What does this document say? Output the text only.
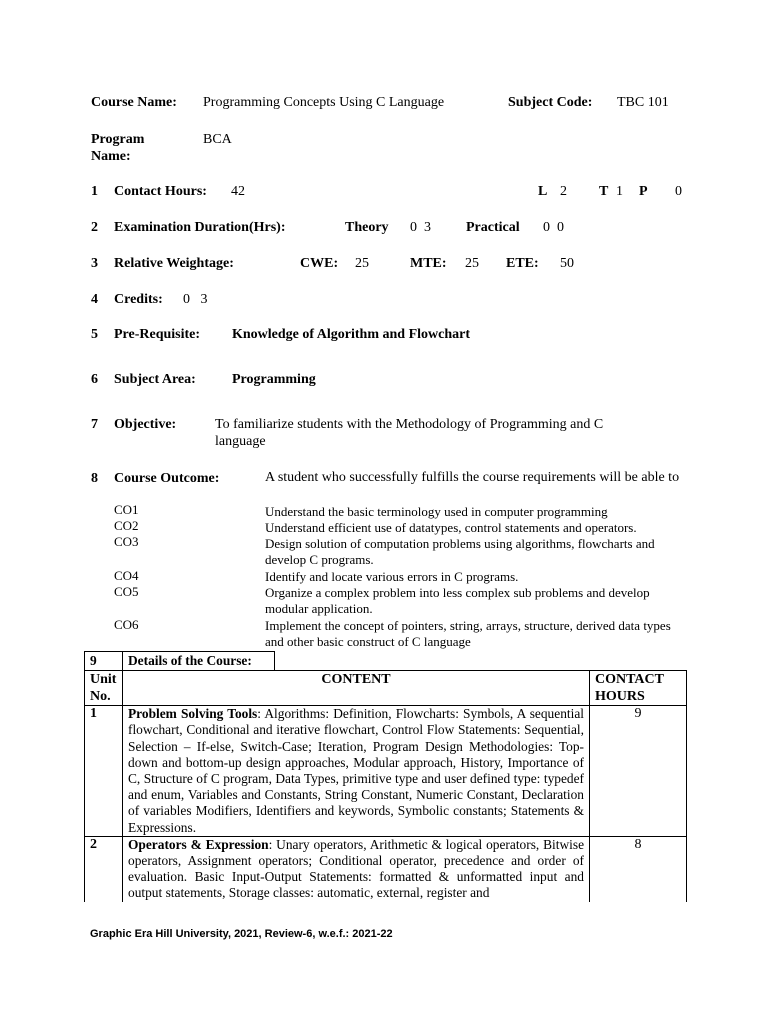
Course Name: Programming Concepts Using C Language	Subject Code: TBC 101
Program
Name:
BCA
1 Contact Hours: 42	L 2 T 1 P 0
2 Examination Duration(Hrs):	Theory 0  3	Practical 0  0
3 Relative Weightage:	CWE: 25	MTE: 25 ETE: 50
4 Credits: 0   3
5 Pre-Requisite: Knowledge of Algorithm and Flowchart
6 Subject Area:	Programming
7 Objective:	To familiarize students with the Methodology of Programming and C language
8 Course Outcome:	A student who successfully fulfills the course requirements will be able to
CO1	Understand the basic terminology used in computer programming
CO2	Understand efficient use of datatypes, control statements and operators.
CO3	Design solution of computation problems using algorithms, flowcharts and develop C programs.
CO4	Identify and locate various errors in C programs.
CO5	Organize a complex problem into less complex sub problems and develop modular application.
CO6	Implement the concept of pointers, string, arrays, structure, derived data types and other basic construct of C language
9	Details of the Course:		
Unit No.	CONTENT		CONTACT HOURS
1	Problem Solving Tools: Algorithms: Definition, Flowcharts: Symbols, A sequential flowchart, Conditional and iterative flowchart, Control Flow Statements: Sequential, Selection – If-else, Switch-Case; Iteration, Program Design Methodologies: Top-down and bottom-up design approaches, Modular approach, History, Importance of C, Structure of C program, Data Types, primitive type and user defined type: typedef and enum, Variables and Constants, String Constant, Numeric Constant, Declaration of variables Modifiers, Identifiers and keywords, Symbolic constants; Statements & Expressions.		9
2	Operators & Expression: Unary operators, Arithmetic & logical operators, Bitwise operators, Assignment operators; Conditional operator, precedence and order of evaluation. Basic Input-Output Statements: formatted & unformatted input and output statements, Storage classes: automatic, external, register and		8
Graphic Era Hill University, 2021, Review-6, w.e.f.: 2021-22
